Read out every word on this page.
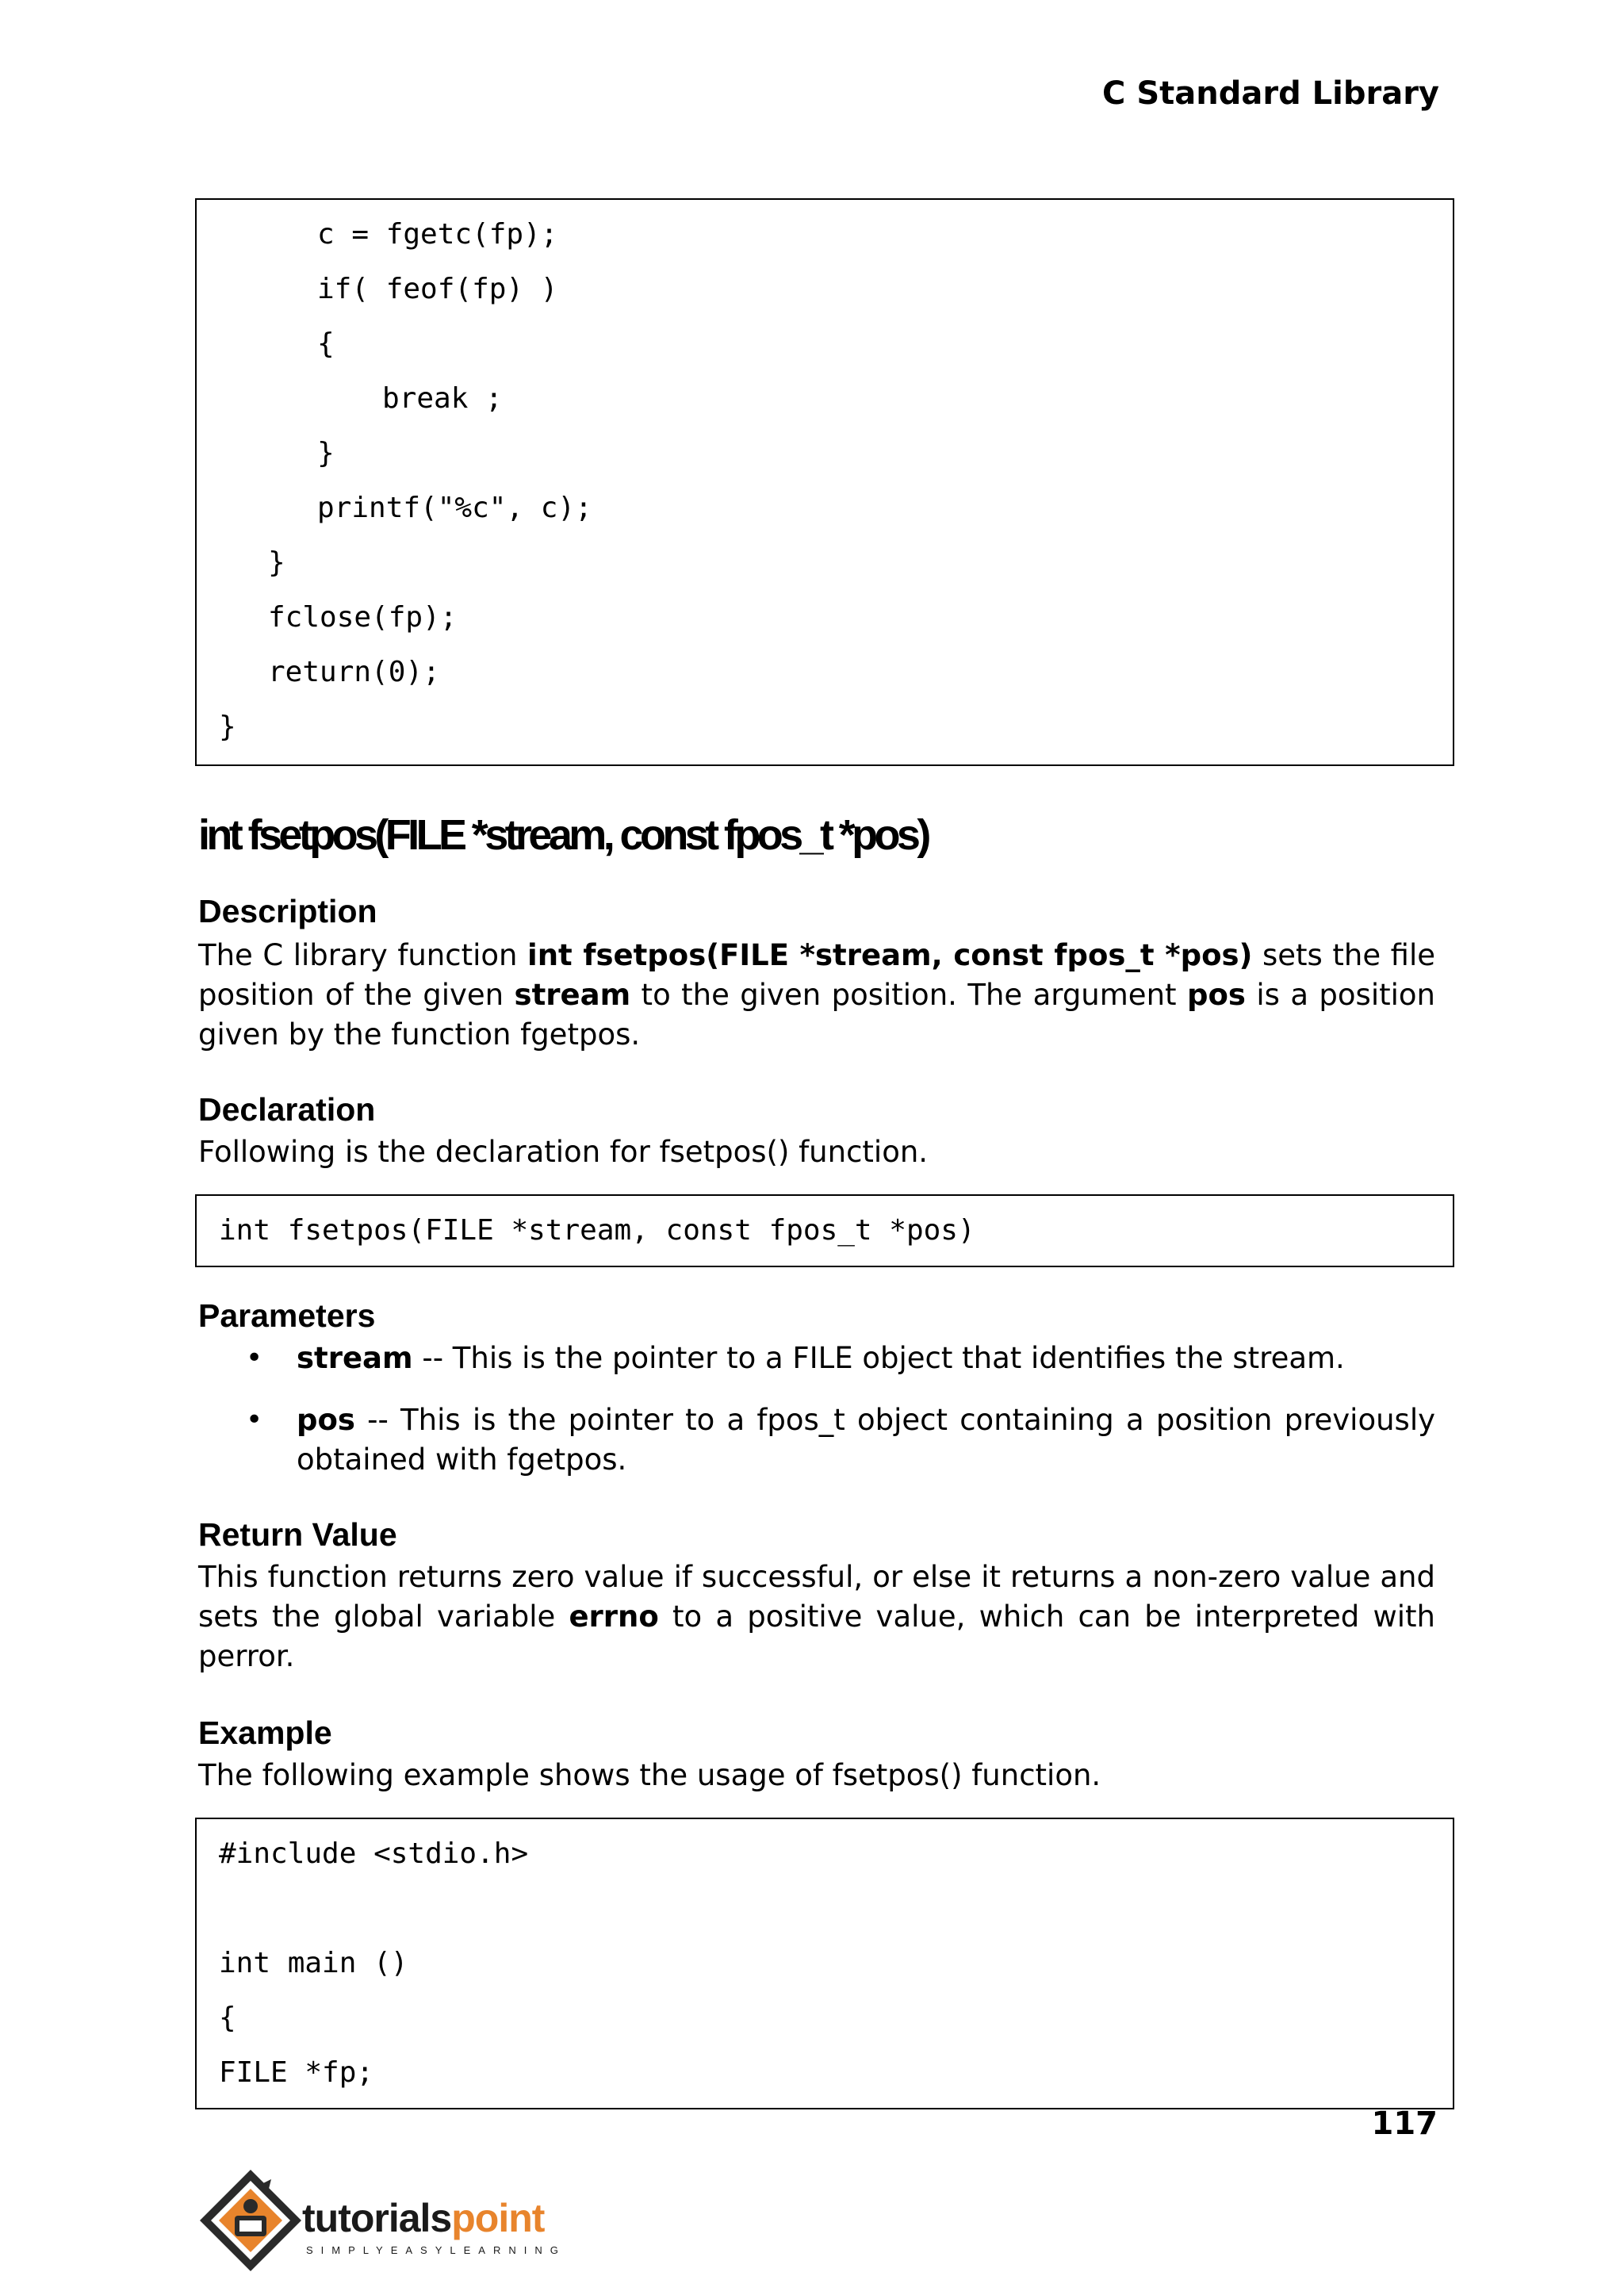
C Standard Library
c = fgetc(fp);
if( feof(fp) )
{
break ;
}
printf("%c", c);
}
fclose(fp);
return(0);
}
int fsetpos(FILE *stream, const fpos_t *pos)
Description
The C library function int fsetpos(FILE *stream, const fpos_t *pos) sets the file position of the given stream to the given position. The argument pos is a position given by the function fgetpos.
Declaration
Following is the declaration for fsetpos() function.
int fsetpos(FILE *stream, const fpos_t *pos)
Parameters
• stream -- This is the pointer to a FILE object that identifies the stream.
• pos -- This is the pointer to a fpos_t object containing a position previously obtained with fgetpos.
Return Value
This function returns zero value if successful, or else it returns a non-zero value and sets the global variable errno to a positive value, which can be interpreted with perror.
Example
The following example shows the usage of fsetpos() function.
#include <stdio.h>
int main ()
{
FILE *fp;
117
tutorialspoint
SIMPLYEASYLEARNING
